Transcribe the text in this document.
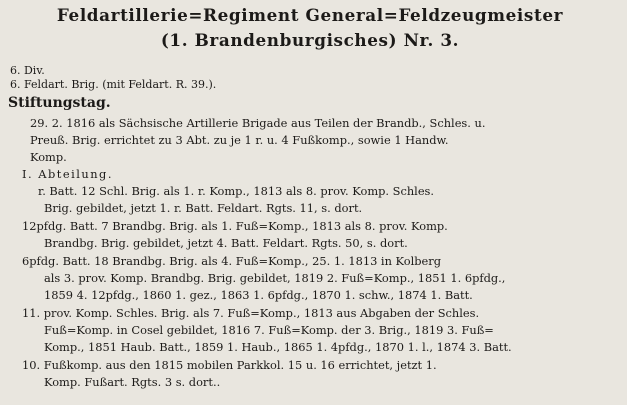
Feldartillerie=Regiment General=Feldzeugmeister
(1. Brandenburgisches) Nr. 3.
6. Div.
6. Feldart. Brig. (mit Feldart. R. 39.).
Stiftungstag.
29. 2. 1816 als Sächsische Artillerie Brigade aus Teilen der Brandb., Schles. u.
Preuß. Brig. errichtet zu 3 Abt. zu je 1 r. u. 4 Fußkomp., sowie 1 Handw.
Komp.
I. Abteilung.
r. Batt. 12 Schl. Brig. als 1. r. Komp., 1813 als 8. prov. Komp. Schles.
Brig. gebildet, jetzt 1. r. Batt. Feldart. Rgts. 11, s. dort.
12pfdg. Batt. 7 Brandbg. Brig. als 1. Fuß=Komp., 1813 als 8. prov. Komp.
Brandbg. Brig. gebildet, jetzt 4. Batt. Feldart. Rgts. 50, s. dort.
6pfdg. Batt. 18 Brandbg. Brig. als 4. Fuß=Komp., 25. 1. 1813 in Kolberg
als 3. prov. Komp. Brandbg. Brig. gebildet, 1819 2. Fuß=Komp., 1851 1. 6pfdg.,
1859 4. 12pfdg., 1860 1. gez., 1863 1. 6pfdg., 1870 1. schw., 1874 1. Batt.
11. prov. Komp. Schles. Brig. als 7. Fuß=Komp., 1813 aus Abgaben der Schles.
Fuß=Komp. in Cosel gebildet, 1816 7. Fuß=Komp. der 3. Brig., 1819 3. Fuß=
Komp., 1851 Haub. Batt., 1859 1. Haub., 1865 1. 4pfdg., 1870 1. l., 1874 3. Batt.
10. Fußkomp. aus den 1815 mobilen Parkkol. 15 u. 16 errichtet, jetzt 1.
Komp. Fußart. Rgts. 3 s. dort..
